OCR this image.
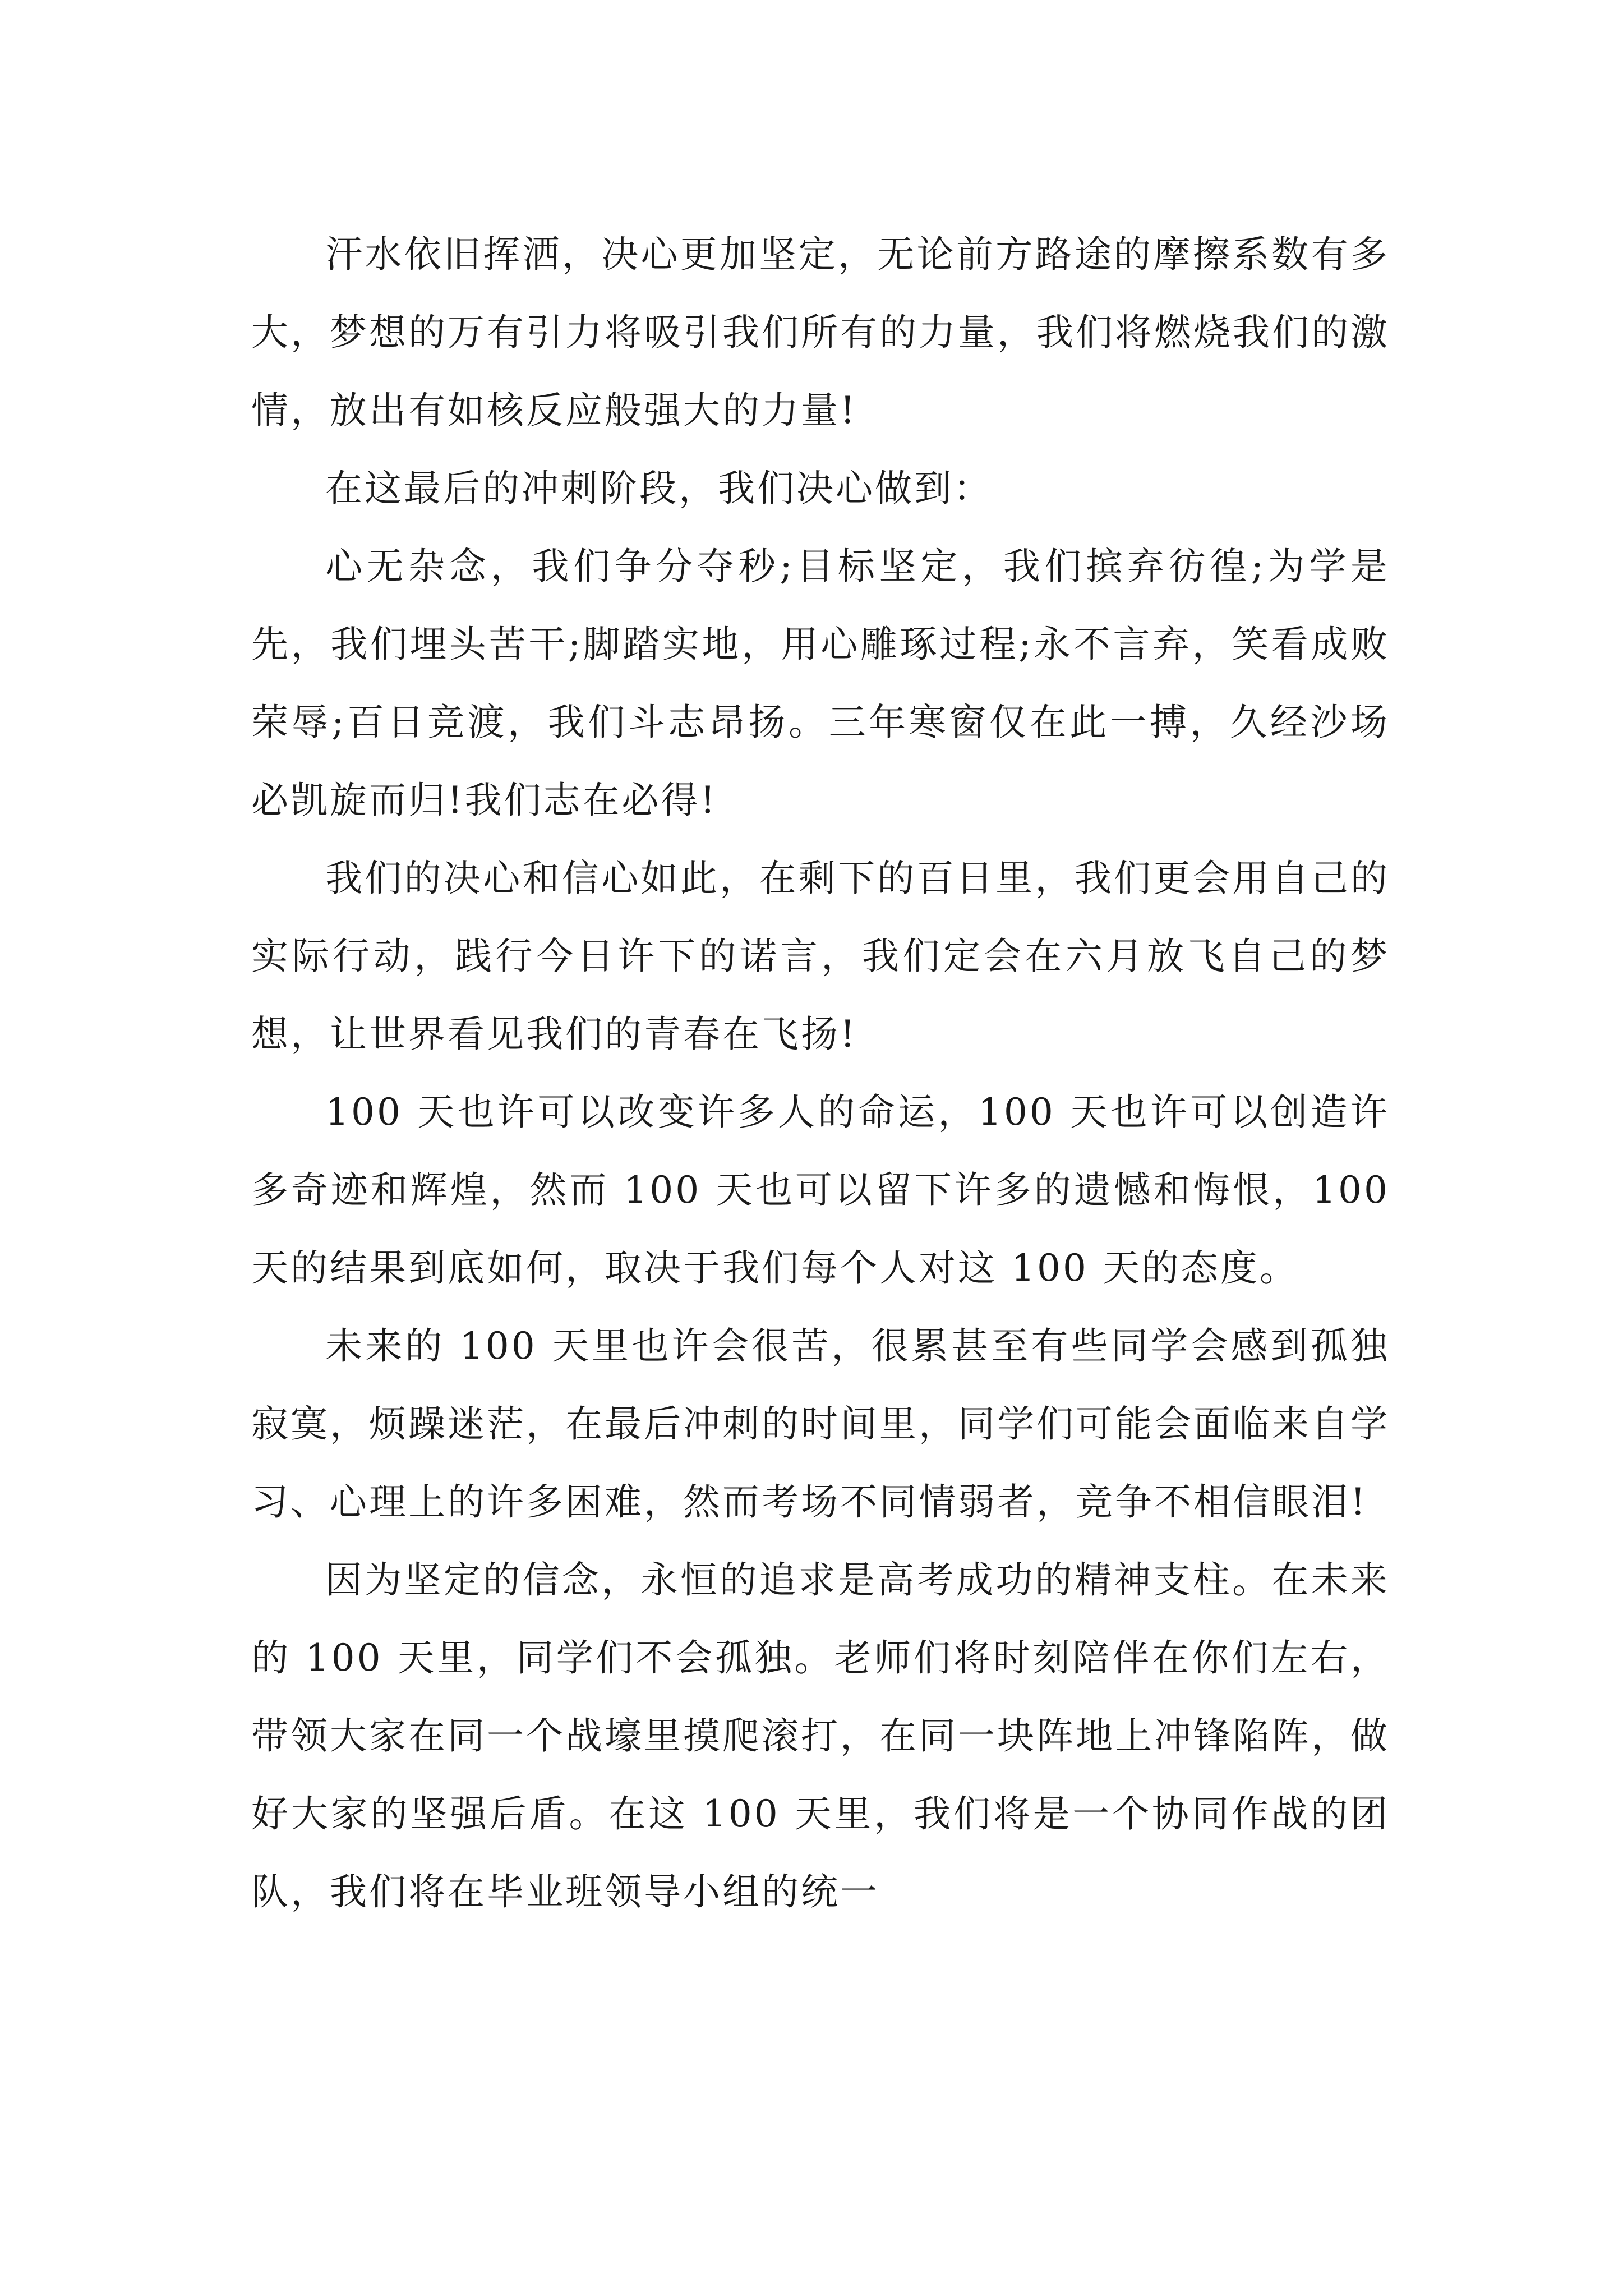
汗水依旧挥洒，决心更加坚定，无论前方路途的摩擦系数有多大，梦想的万有引力将吸引我们所有的力量，我们将燃烧我们的激情，放出有如核反应般强大的力量!

在这最后的冲刺阶段，我们决心做到：

心无杂念，我们争分夺秒;目标坚定，我们摈弃彷徨;为学是先，我们埋头苦干;脚踏实地，用心雕琢过程;永不言弃，笑看成败荣辱;百日竞渡，我们斗志昂扬。三年寒窗仅在此一搏，久经沙场必凯旋而归!我们志在必得!

我们的决心和信心如此，在剩下的百日里，我们更会用自己的实际行动，践行今日许下的诺言，我们定会在六月放飞自己的梦想，让世界看见我们的青春在飞扬!

100 天也许可以改变许多人的命运，100 天也许可以创造许多奇迹和辉煌，然而 100 天也可以留下许多的遗憾和悔恨，100 天的结果到底如何，取决于我们每个人对这 100 天的态度。

未来的 100 天里也许会很苦，很累甚至有些同学会感到孤独寂寞，烦躁迷茫，在最后冲刺的时间里，同学们可能会面临来自学习、心理上的许多困难，然而考场不同情弱者，竞争不相信眼泪!

因为坚定的信念，永恒的追求是高考成功的精神支柱。在未来的 100 天里，同学们不会孤独。老师们将时刻陪伴在你们左右，带领大家在同一个战壕里摸爬滚打，在同一块阵地上冲锋陷阵，做好大家的坚强后盾。在这 100 天里，我们将是一个协同作战的团队，我们将在毕业班领导小组的统一
